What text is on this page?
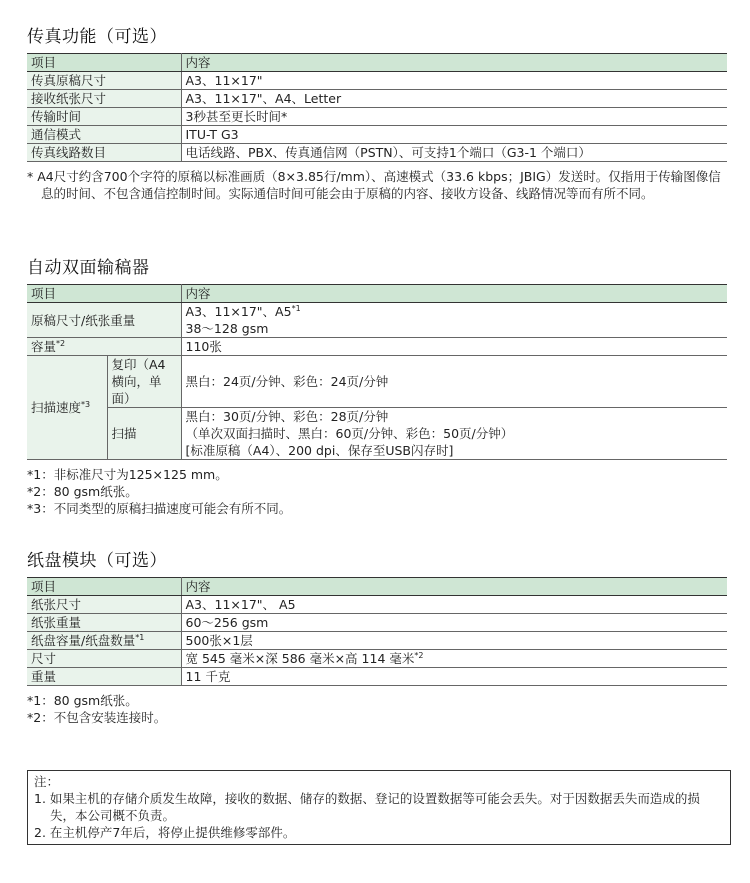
传真功能（可选）
项目	内容
传真原稿尺寸	A3、11×17"
接收纸张尺寸	A3、11×17"、A4、Letter
传输时间	3秒甚至更长时间*
通信模式	ITU-T G3
传真线路数目	电话线路、PBX、传真通信网（PSTN）、可支持1个端口（G3-1 个端口）

* A4尺寸约含700个字符的原稿以标准画质（8×3.85行/mm）、高速模式（33.6 kbps；JBIG）发送时。仅指用于传输图像信息的时间、不包含通信控制时间。实际通信时间可能会由于原稿的内容、接收方设备、线路情况等而有所不同。

自动双面输稿器
项目		内容
原稿尺寸/纸张重量		A3、11×17"、A5$^{*1}$
38～128 gsm

容量$^{*2}$		110张
扫描速度$^{*3}$	复印（A4横向，单面）	黑白：24页/分钟、彩色：24页/分钟
	扫描	黑白：30页/分钟、彩色：28页/分钟
（单次双面扫描时、黑白：60页/分钟、彩色：50页/分钟）
[标准原稿（A4）、200 dpi、保存至USB闪存时]

*1：非标准尺寸为125×125 mm。

*2：80 gsm纸张。

*3：不同类型的原稿扫描速度可能会有所不同。

纸盘模块（可选）
项目	内容
纸张尺寸	A3、11×17"、 A5
纸张重量	60～256 gsm
纸盘容量/纸盘数量$^{*1}$	500张×1层
尺寸	宽 545 毫米×深 586 毫米×高 114 毫米$^{*2}$
重量	11 千克

*1：80 gsm纸张。

*2：不包含安装连接时。

注：

1. 如果主机的存储介质发生故障，接收的数据、储存的数据、登记的设置数据等可能会丢失。对于因数据丢失而造成的损失，本公司概不负责。

2. 在主机停产7年后，将停止提供维修零部件。
